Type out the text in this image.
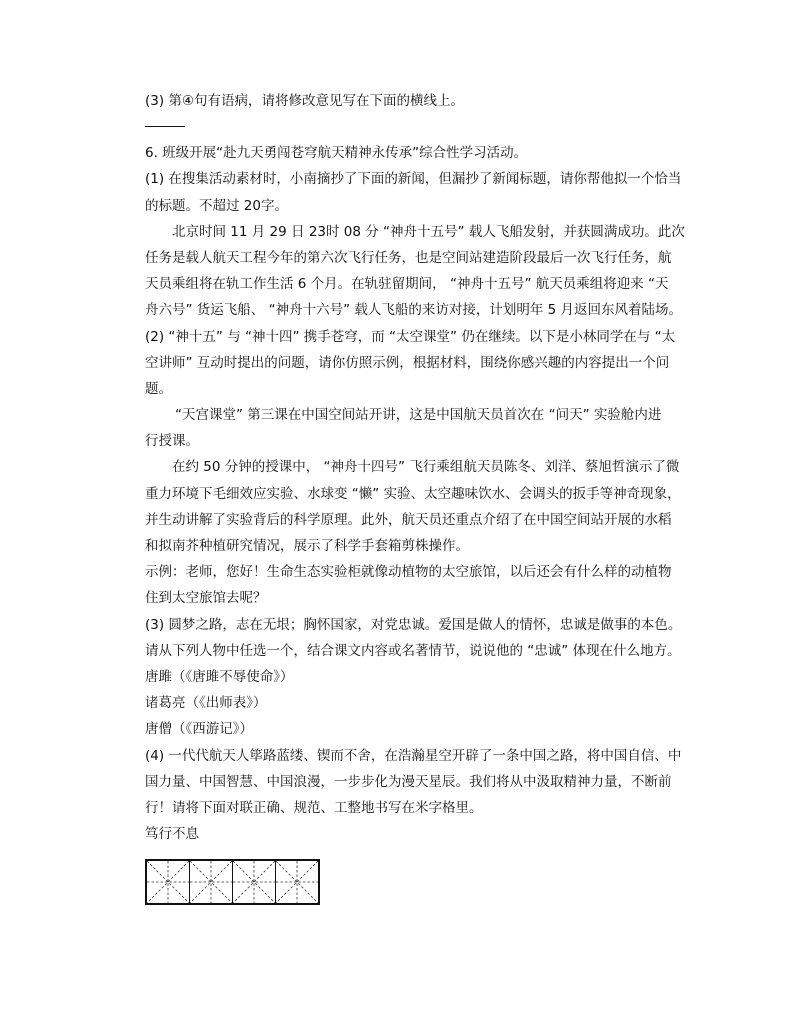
(3) 第④句有语病，请将修改意见写在下面的横线上。
6. 班级开展“赴九天勇闯苍穹航天精神永传承”综合性学习活动。
(1) 在搜集活动素材时，小南摘抄了下面的新闻，但漏抄了新闻标题，请你帮他拟一个恰当
的标题。不超过 20字。
北京时间 11 月 29 日 23时 08 分 “神舟十五号” 载人飞船发射，并获圆满成功。此次
任务是载人航天工程今年的第六次飞行任务，也是空间站建造阶段最后一次飞行任务，航
天员乘组将在轨工作生活 6 个月。在轨驻留期间， “神舟十五号” 航天员乘组将迎来 “天
舟六号” 货运飞船、 “神舟十六号” 载人飞船的来访对接，计划明年 5 月返回东风着陆场。
(2) “神十五” 与 “神十四” 携手苍穹，而 “太空课堂” 仍在继续。以下是小林同学在与 “太
空讲师” 互动时提出的问题，请你仿照示例，根据材料，围绕你感兴趣的内容提出一个问
题。
“天宫课堂” 第三课在中国空间站开讲，这是中国航天员首次在 “问天” 实验舱内进
行授课。
在约 50 分钟的授课中， “神舟十四号” 飞行乘组航天员陈冬、刘洋、蔡旭哲演示了微
重力环境下毛细效应实验、水球变 “懒” 实验、太空趣味饮水、会调头的扳手等神奇现象，
并生动讲解了实验背后的科学原理。此外，航天员还重点介绍了在中国空间站开展的水稻
和拟南芥种植研究情况，展示了科学手套箱剪株操作。
示例：老师，您好！生命生态实验柜就像动植物的太空旅馆，以后还会有什么样的动植物
住到太空旅馆去呢？
(3) 圆梦之路，志在无垠；胸怀国家，对党忠诚。爱国是做人的情怀，忠诚是做事的本色。
请从下列人物中任选一个，结合课文内容或名著情节，说说他的 “忠诚” 体现在什么地方。
唐雎（《唐雎不辱使命》）
诸葛亮（《出师表》）
唐僧（《西游记》）
(4) 一代代航天人筚路蓝缕、锲而不舍，在浩瀚星空开辟了一条中国之路，将中国自信、中
国力量、中国智慧、中国浪漫，一步步化为漫天星辰。我们将从中汲取精神力量，不断前
行！请将下面对联正确、规范、工整地书写在米字格里。
笃行不息
